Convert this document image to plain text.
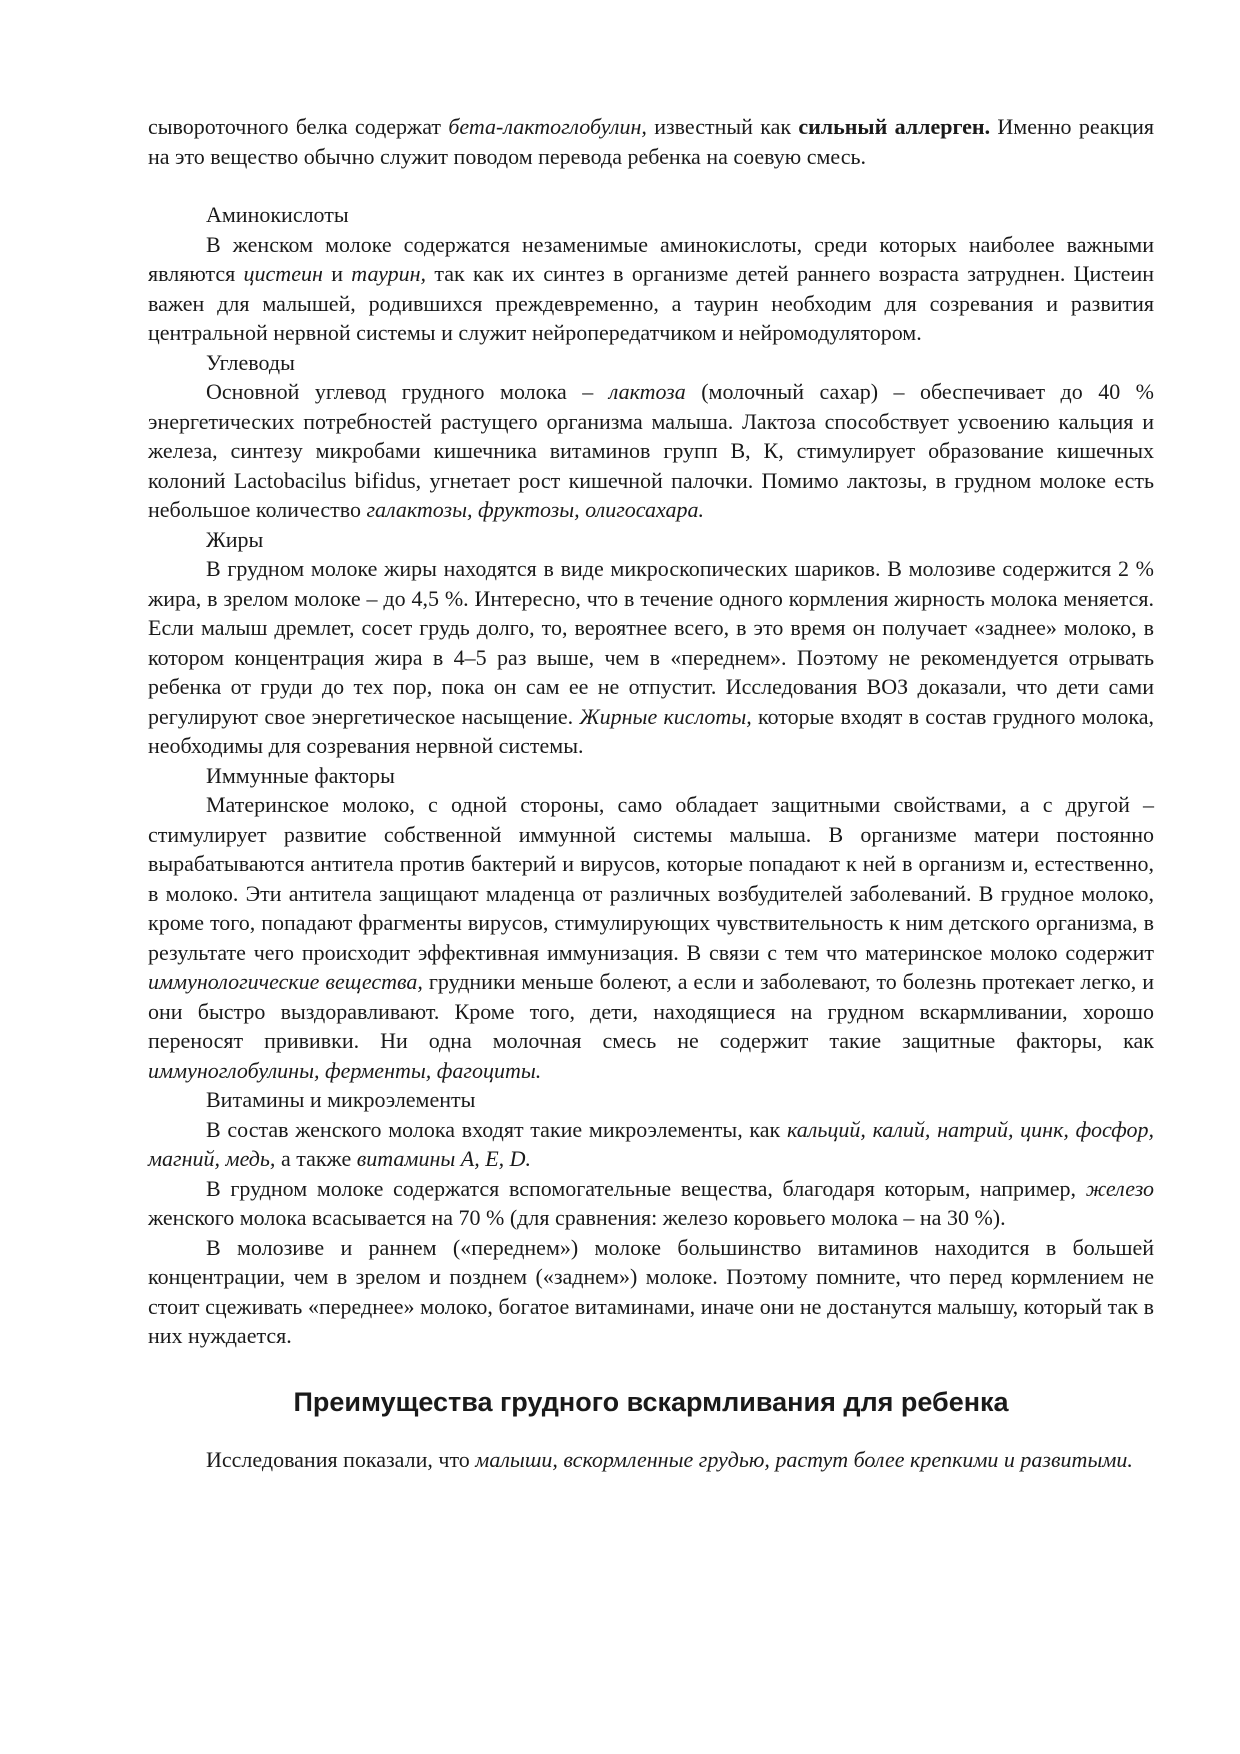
сывороточного белка содержат бета-лактоглобулин, известный как сильный аллерген. Именно реакция на это вещество обычно служит поводом перевода ребенка на соевую смесь.

Аминокислоты

В женском молоке содержатся незаменимые аминокислоты, среди которых наиболее важными являются цистеин и таурин, так как их синтез в организме детей раннего возраста затруднен. Цистеин важен для малышей, родившихся преждевременно, а таурин необходим для созревания и развития центральной нервной системы и служит нейропередатчиком и нейромодулятором.

Углеводы

Основной углевод грудного молока – лактоза (молочный сахар) – обеспечивает до 40 % энергетических потребностей растущего организма малыша. Лактоза способствует усвоению кальция и железа, синтезу микробами кишечника витаминов групп В, К, стимулирует образование кишечных колоний Lactobacilus bifidus, угнетает рост кишечной палочки. Помимо лактозы, в грудном молоке есть небольшое количество галактозы, фруктозы, олигосахара.

Жиры

В грудном молоке жиры находятся в виде микроскопических шариков. В молозиве содержится 2 % жира, в зрелом молоке – до 4,5 %. Интересно, что в течение одного кормления жирность молока меняется. Если малыш дремлет, сосет грудь долго, то, вероятнее всего, в это время он получает «заднее» молоко, в котором концентрация жира в 4–5 раз выше, чем в «переднем». Поэтому не рекомендуется отрывать ребенка от груди до тех пор, пока он сам ее не отпустит. Исследования ВОЗ доказали, что дети сами регулируют свое энергетическое насыщение. Жирные кислоты, которые входят в состав грудного молока, необходимы для созревания нервной системы.

Иммунные факторы

Материнское молоко, с одной стороны, само обладает защитными свойствами, а с другой – стимулирует развитие собственной иммунной системы малыша. В организме матери постоянно вырабатываются антитела против бактерий и вирусов, которые попадают к ней в организм и, естественно, в молоко. Эти антитела защищают младенца от различных возбудителей заболеваний. В грудное молоко, кроме того, попадают фрагменты вирусов, стимулирующих чувствительность к ним детского организма, в результате чего происходит эффективная иммунизация. В связи с тем что материнское молоко содержит иммунологические вещества, грудники меньше болеют, а если и заболевают, то болезнь протекает легко, и они быстро выздоравливают. Кроме того, дети, находящиеся на грудном вскармливании, хорошо переносят прививки. Ни одна молочная смесь не содержит такие защитные факторы, как иммуноглобулины, ферменты, фагоциты.

Витамины и микроэлементы

В состав женского молока входят такие микроэлементы, как кальций, калий, натрий, цинк, фосфор, магний, медь, а также витамины A, E, D.

В грудном молоке содержатся вспомогательные вещества, благодаря которым, например, железо женского молока всасывается на 70 % (для сравнения: железо коровьего молока – на 30 %).

В молозиве и раннем («переднем») молоке большинство витаминов находится в большей концентрации, чем в зрелом и позднем («заднем») молоке. Поэтому помните, что перед кормлением не стоит сцеживать «переднее» молоко, богатое витаминами, иначе они не достанутся малышу, который так в них нуждается.

Преимущества грудного вскармливания для ребенка

Исследования показали, что малыши, вскормленные грудью, растут более крепкими и развитыми.
